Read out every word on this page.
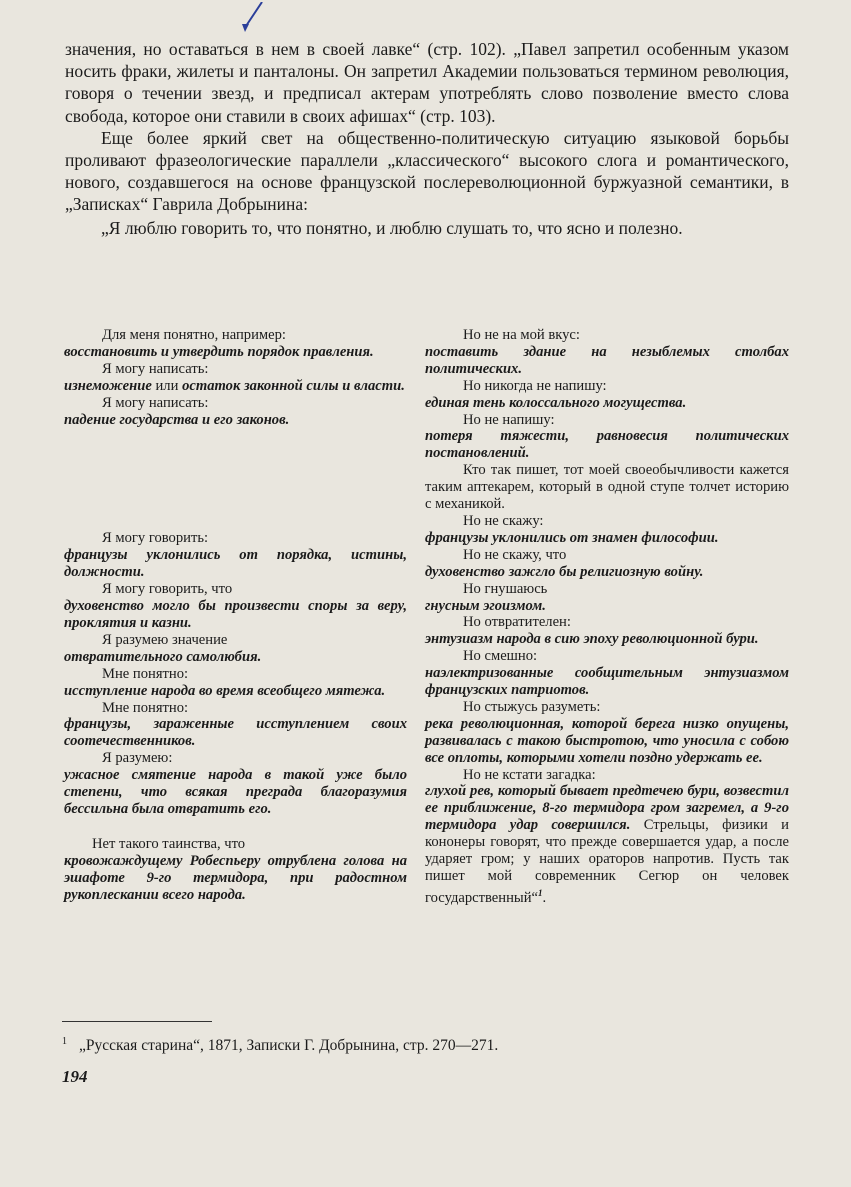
значения, но оставаться в нем в своей лавке“ (стр. 102). „Павел запретил особенным указом носить фраки, жилеты и панталоны. Он запретил Академии пользоваться термином революция, говоря о течении звезд, и предписал актерам употреблять слово позволение вместо слова свобода, которое они ставили в своих афишах“ (стр. 103).

Еще более яркий свет на общественно-политическую ситуацию языковой борьбы проливают фразеологические параллели „классического“ высокого слога и романтического, нового, создавшегося на основе французской послереволюционной буржуазной семантики, в „Записках“ Гаврила Добрынина:

„Я люблю говорить то, что понятно, и люблю слушать то, что ясно и полезно.

Для меня понятно, например:
восстановить и утвердить порядок правления.
Я могу написать:
изнеможение или остаток законной силы и власти.
Я могу написать:
падение государства и его законов.
Я могу говорить:
французы уклонились от порядка, истины, должности.
Я могу говорить, что
духовенство могло бы произвести споры за веру, проклятия и казни.
Я разумею значение
отвратительного самолюбия.
Мне понятно:
исступление народа во время всеобщего мятежа.
Мне понятно:
французы, зараженные исступлением своих соотечественников.
Я разумею:
ужасное смятение народа в такой уже было степени, что всякая преграда благоразумия бессильна была отвратить его.
Нет такого таинства, что
кровожаждущему Робеспьеру отрублена голова на эшафоте 9-го термидора, при радостном рукоплескании всего народа.
Но не на мой вкус:
поставить здание на незыблемых столбах политических.
Но никогда не напишу:
единая тень колоссального могущества.
Но не напишу:
потеря тяжести, равновесия политических постановлений.
Кто так пишет, тот моей своеобычливости кажется таким аптекарем, который в одной ступе толчет историю с механикой.
Но не скажу:
французы уклонились от знамен философии.
Но не скажу, что
духовенство зажгло бы религиозную войну.
Но гнушаюсь
гнусным эгоизмом.
Но отвратителен:
энтузиазм народа в сию эпоху революционной бури.
Но смешно:
наэлектризованные сообщительным энтузиазмом французских патриотов.
Но стыжусь разуметь:
река революционная, которой берега низко опущены, развивалась с такою быстротою, что уносила с собою все оплоты, которыми хотели поздно удержать ее.
Но не кстати загадка:
глухой рев, который бывает предтечею бури, возвестил ее приближение, 8-го термидора гром загремел, а 9-го термидора удар совершился. Стрельцы, физики и кононеры говорят, что прежде совершается удар, а после ударяет гром; у наших ораторов напротив. Пусть так пишет мой современник Сегюр он человек государственный“$^1$.
$^1$ „Русская старина“, 1871, Записки Г. Добрынина, стр. 270—271.
194
